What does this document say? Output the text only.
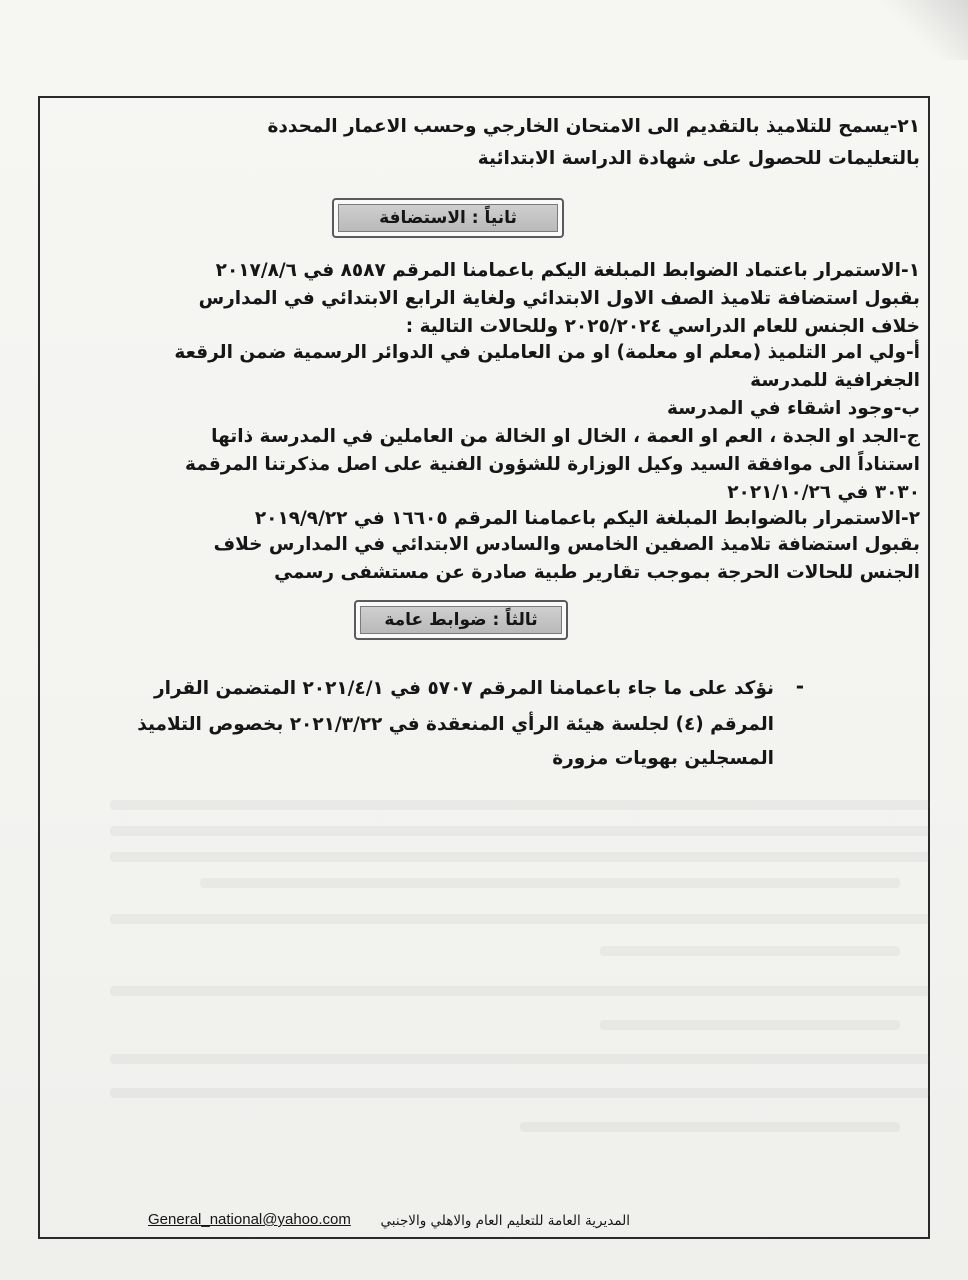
٢١-يسمح للتلاميذ بالتقديم الى الامتحان الخارجي وحسب الاعمار المحددة
بالتعليمات للحصول على شهادة الدراسة الابتدائية
ثانياً : الاستضافة
١-الاستمرار باعتماد الضوابط المبلغة اليكم باعمامنا المرقم ٨٥٨٧ في ٢٠١٧/٨/٦
بقبول استضافة تلاميذ الصف الاول الابتدائي ولغاية الرابع الابتدائي في المدارس
خلاف الجنس للعام الدراسي ٢٠٢٥/٢٠٢٤ وللحالات التالية :
أ-ولي امر التلميذ (معلم او معلمة) او من العاملين في الدوائر الرسمية ضمن الرقعة
الجغرافية للمدرسة
ب-وجود اشقاء في المدرسة
ج-الجد او الجدة ، العم او العمة ، الخال او الخالة من العاملين في المدرسة ذاتها
استناداً الى موافقة السيد وكيل الوزارة للشؤون الفنية على اصل مذكرتنا المرقمة
٣٠٣٠ في ٢٠٢١/١٠/٢٦
٢-الاستمرار بالضوابط المبلغة اليكم باعمامنا المرقم ١٦٦٠٥ في ٢٠١٩/٩/٢٢
بقبول استضافة تلاميذ الصفين الخامس والسادس الابتدائي في المدارس خلاف
الجنس للحالات الحرجة بموجب تقارير طبية صادرة عن مستشفى رسمي
ثالثاً : ضوابط عامة
-
نؤكد على ما جاء باعمامنا المرقم ٥٧٠٧ في ٢٠٢١/٤/١ المتضمن القرار
المرقم (٤) لجلسة هيئة الرأي المنعقدة في ٢٠٢١/٣/٢٢ بخصوص التلاميذ
المسجلين بهويات مزورة
المديرية العامة للتعليم العام والاهلي والاجنبي
General_national@yahoo.com
